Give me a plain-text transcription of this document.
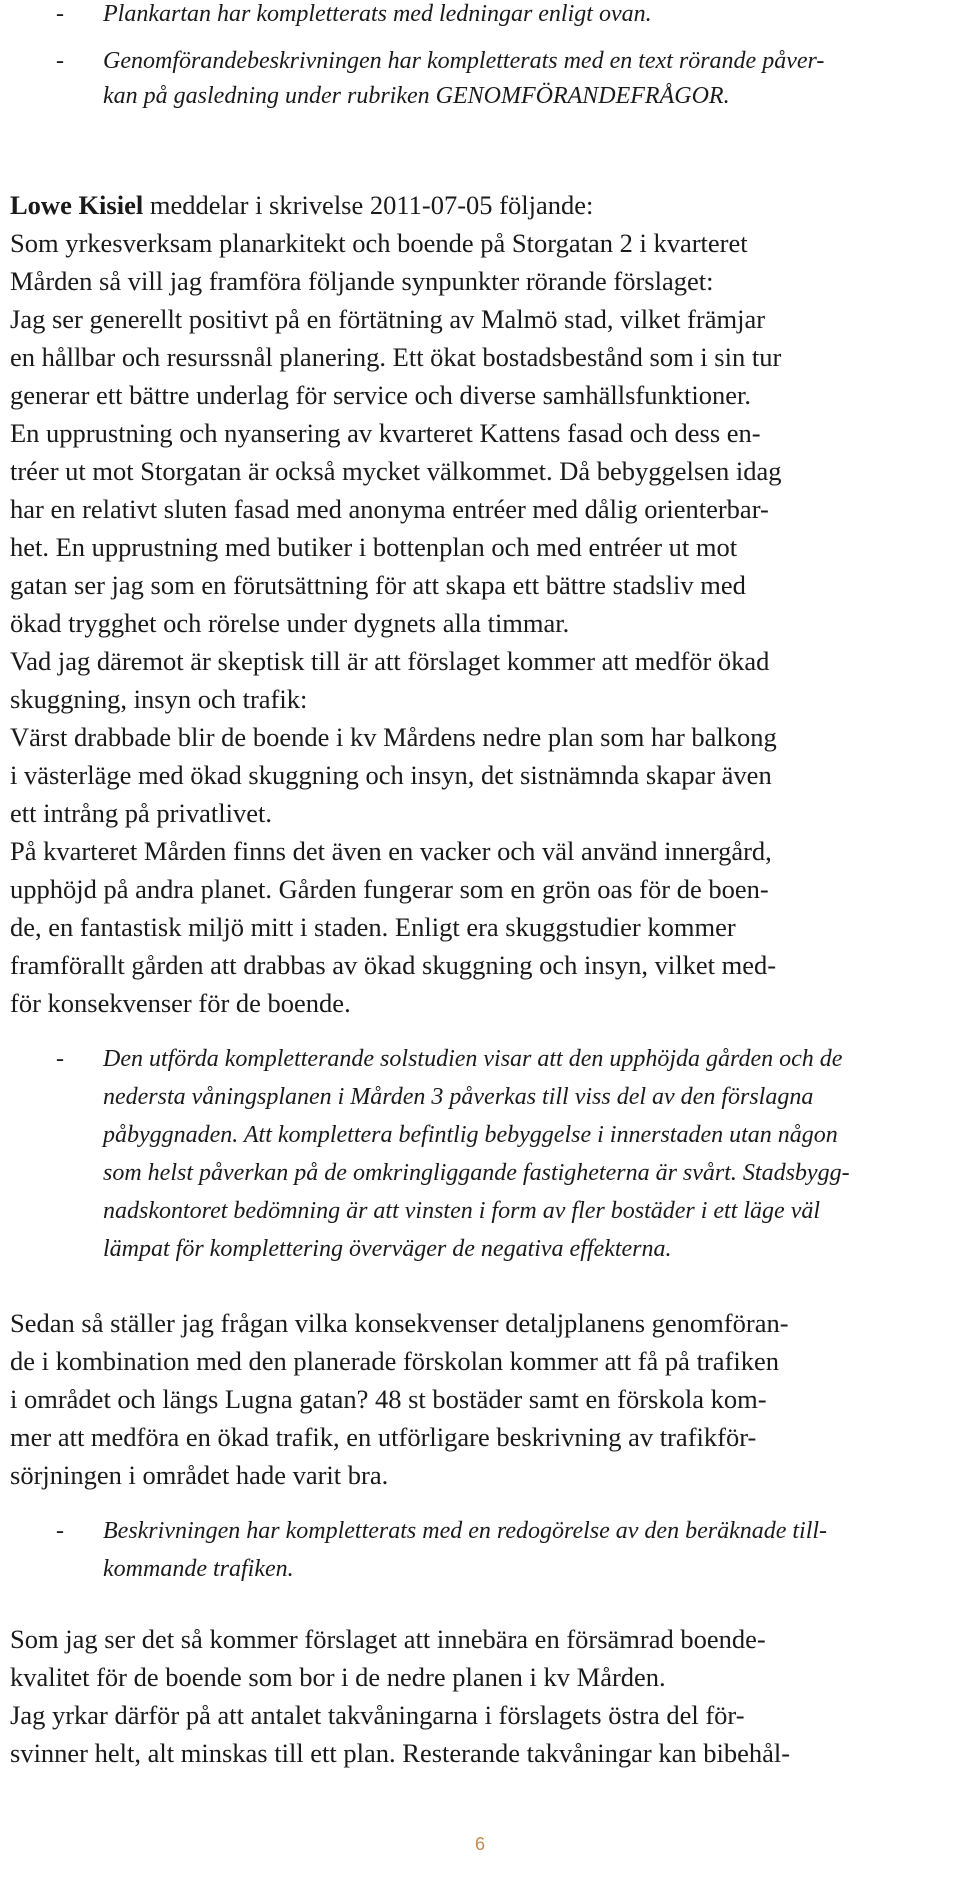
- Plankartan har kompletterats med ledningar enligt ovan.
- Genomförandebeskrivningen har kompletterats med en text rörande påver-
kan på gasledning under rubriken GENOMFÖRANDEFRÅGOR.
Lowe Kisiel meddelar i skrivelse 2011-07-05 följande:
Som yrkesverksam planarkitekt och boende på Storgatan 2 i kvarteret
Mården så vill jag framföra följande synpunkter rörande förslaget:
Jag ser generellt positivt på en förtätning av Malmö stad, vilket främjar
en hållbar och resurssnål planering. Ett ökat bostadsbestånd som i sin tur
generar ett bättre underlag för service och diverse samhällsfunktioner.
En upprustning och nyansering av kvarteret Kattens fasad och dess en-
tréer ut mot Storgatan är också mycket välkommet. Då bebyggelsen idag
har en relativt sluten fasad med anonyma entréer med dålig orienterbar-
het. En upprustning med butiker i bottenplan och med entréer ut mot
gatan ser jag som en förutsättning för att skapa ett bättre stadsliv med
ökad trygghet och rörelse under dygnets alla timmar.
Vad jag däremot är skeptisk till är att förslaget kommer att medför ökad
skuggning, insyn och trafik:
Värst drabbade blir de boende i kv Mårdens nedre plan som har balkong
i västerläge med ökad skuggning och insyn, det sistnämnda skapar även
ett intrång på privatlivet.
På kvarteret Mården finns det även en vacker och väl använd innergård,
upphöjd på andra planet. Gården fungerar som en grön oas för de boen-
de, en fantastisk miljö mitt i staden. Enligt era skuggstudier kommer
framförallt gården att drabbas av ökad skuggning och insyn, vilket med-
för konsekvenser för de boende.
- Den utförda kompletterande solstudien visar att den upphöjda gården och de
nedersta våningsplanen i Mården 3 påverkas till viss del av den förslagna
påbyggnaden. Att komplettera befintlig bebyggelse i innerstaden utan någon
som helst påverkan på de omkringliggande fastigheterna är svårt. Stadsbygg-
nadskontoret bedömning är att vinsten i form av fler bostäder i ett läge väl
lämpat för komplettering överväger de negativa effekterna.
Sedan så ställer jag frågan vilka konsekvenser detaljplanens genomföran-
de i kombination med den planerade förskolan kommer att få på trafiken
i området och längs Lugna gatan? 48 st bostäder samt en förskola kom-
mer att medföra en ökad trafik, en utförligare beskrivning av trafikför-
sörjningen i området hade varit bra.
- Beskrivningen har kompletterats med en redogörelse av den beräknade till-
kommande trafiken.
Som jag ser det så kommer förslaget att innebära en försämrad boende-
kvalitet för de boende som bor i de nedre planen i kv Mården.
Jag yrkar därför på att antalet takvåningarna i förslagets östra del för-
svinner helt, alt minskas till ett plan. Resterande takvåningar kan bibehål-
6
